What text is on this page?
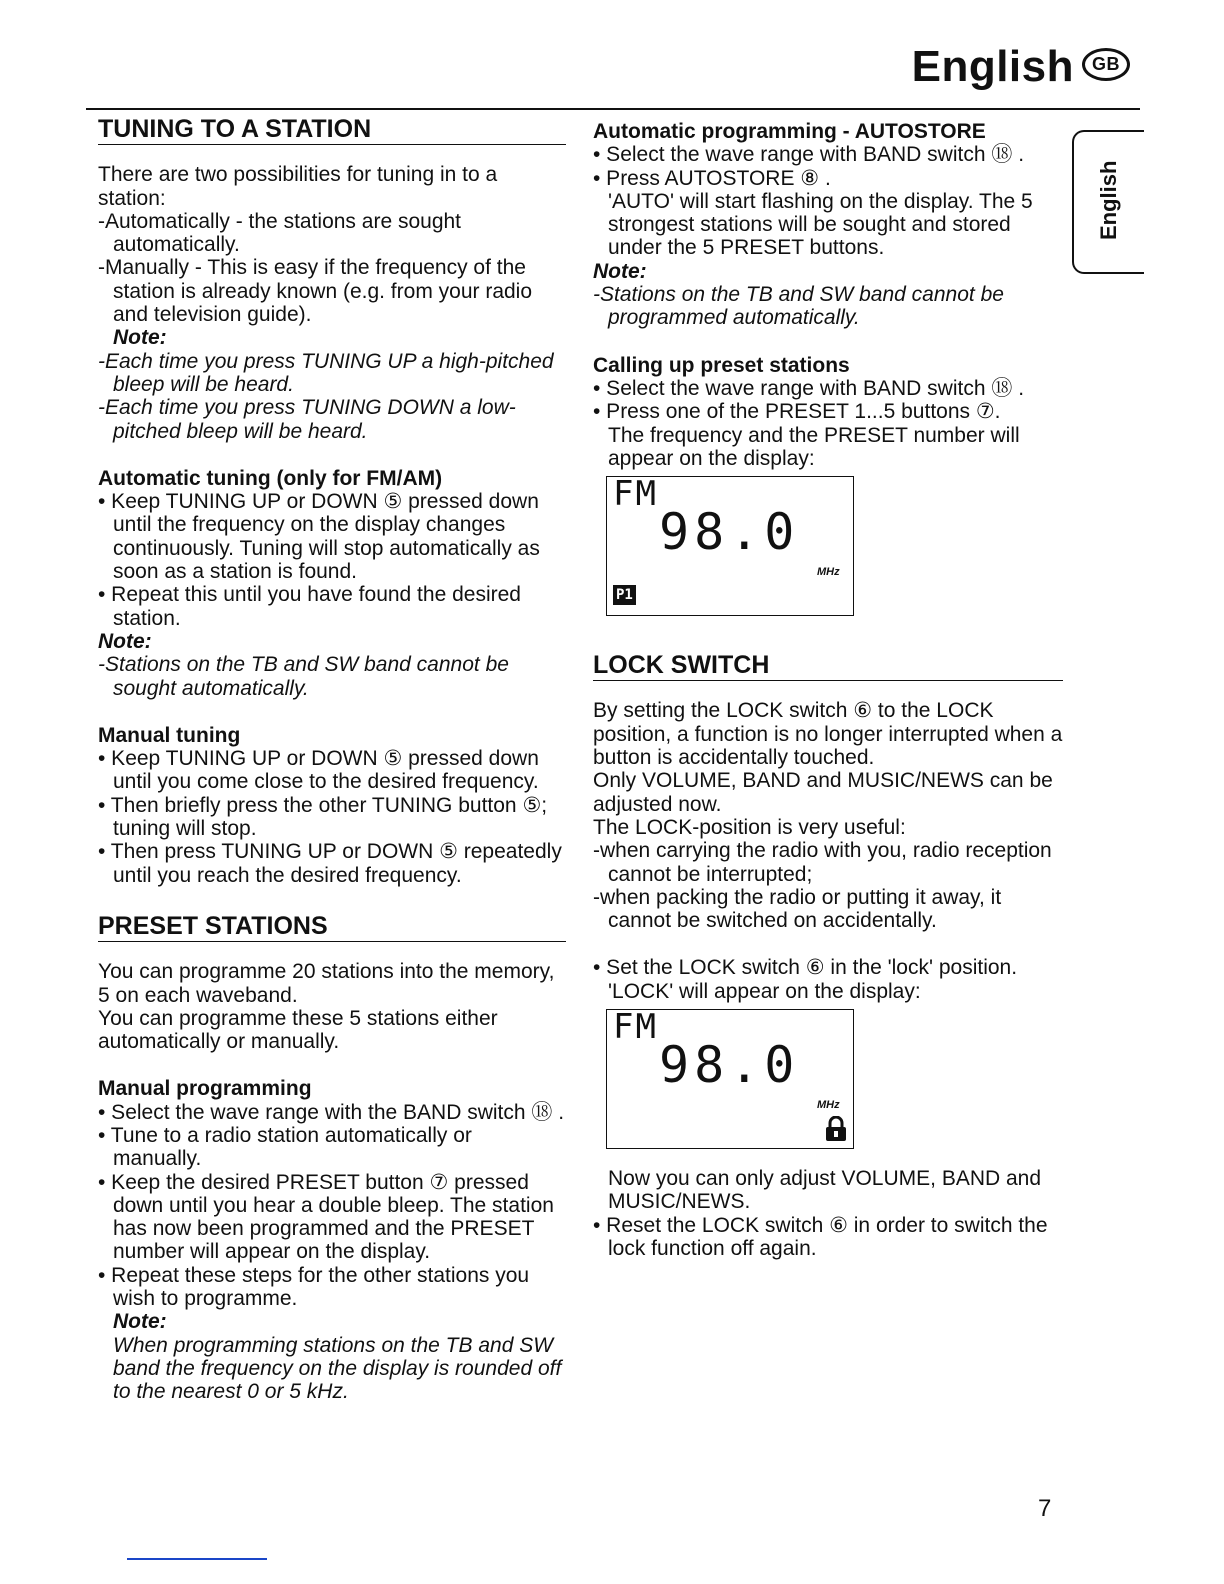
English GB
English
TUNING TO A STATION

There are two possibilities for tuning in to a station:

-Automatically - the stations are sought automatically.

-Manually - This is easy if the frequency of the station is already known (e.g. from your radio and television guide).

Note:

-Each time you press TUNING UP a high-pitched bleep will be heard.

-Each time you press TUNING DOWN a low-pitched bleep will be heard.

Automatic tuning (only for FM/AM)

• Keep TUNING UP or DOWN ⑤ pressed down until the frequency on the display changes continuously. Tuning will stop automatically as soon as a station is found.

• Repeat this until you have found the desired station.

Note:

-Stations on the TB and SW band cannot be sought automatically.

Manual tuning

• Keep TUNING UP or DOWN ⑤ pressed down until you come close to the desired frequency.

• Then briefly press the other TUNING button ⑤; tuning will stop.

• Then press TUNING UP or DOWN ⑤ repeatedly until you reach the desired frequency.

PRESET STATIONS

You can programme 20 stations into the memory, 5 on each waveband.

You can programme these 5 stations either automatically or manually.

Manual programming

• Select the wave range with the BAND switch ⑱ .

• Tune to a radio station automatically or manually.

• Keep the desired PRESET button ⑦ pressed down until you hear a double bleep. The station has now been programmed and the PRESET number will appear on the display.

• Repeat these steps for the other stations you wish to programme.

Note:

When programming stations on the TB and SW band the frequency on the display is rounded off to the nearest 0 or 5 kHz.

Automatic programming - AUTOSTORE

• Select the wave range with BAND switch ⑱ .

• Press AUTOSTORE ⑧ .

'AUTO' will start flashing on the display. The 5 strongest stations will be sought and stored under the 5 PRESET buttons.

Note:

-Stations on the TB and SW band cannot be programmed automatically.

Calling up preset stations

• Select the wave range with BAND switch ⑱ .

• Press one of the PRESET 1...5 buttons ⑦.

The frequency and the PRESET number will appear on the display:

FM
98.0
MHz
P1
LOCK SWITCH

By setting the LOCK switch ⑥ to the LOCK position, a function is no longer interrupted when a button is accidentally touched.

Only VOLUME, BAND and MUSIC/NEWS can be adjusted now.

The LOCK-position is very useful:

-when carrying the radio with you, radio reception cannot be interrupted;

-when packing the radio or putting it away, it cannot be switched on accidentally.

• Set the LOCK switch ⑥ in the 'lock' position.

'LOCK' will appear on the display:

FM
98.0
MHz

Now you can only adjust VOLUME, BAND and MUSIC/NEWS.

• Reset the LOCK switch ⑥ in order to switch the lock function off again.

7
